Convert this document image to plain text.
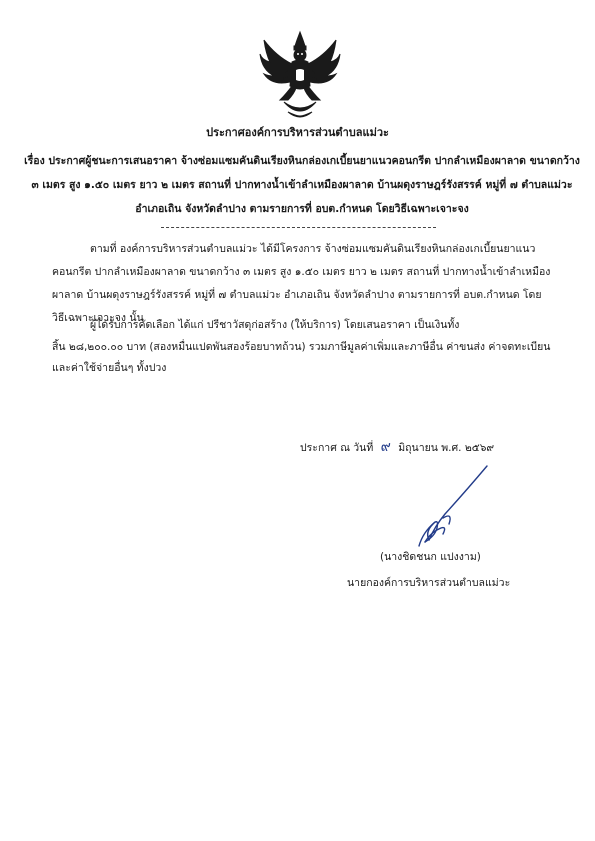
ประกาศองค์การบริหารส่วนตำบลแม่วะ
เรื่อง ประกาศผู้ชนะการเสนอราคา จ้างซ่อมแซมคันดินเรียงหินกล่องเกเบี้ยนยาแนวคอนกรีต ปากลำเหมืองผาลาด ขนาดกว้าง ๓ เมตร สูง ๑.๕๐ เมตร ยาว ๒ เมตร สถานที่ ปากทางน้ำเข้าลำเหมืองผาลาด บ้านผดุงราษฎร์รังสรรค์ หมู่ที่ ๗ ตำบลแม่วะ อำเภอเถิน จังหวัดลำปาง ตามรายการที่ อบต.กำหนด โดยวิธีเฉพาะเจาะจง
ตามที่ องค์การบริหารส่วนตำบลแม่วะ ได้มีโครงการ จ้างซ่อมแซมคันดินเรียงหินกล่องเกเบี้ยนยาแนวคอนกรีต ปากลำเหมืองผาลาด ขนาดกว้าง ๓ เมตร สูง ๑.๕๐ เมตร ยาว ๒ เมตร สถานที่ ปากทางน้ำเข้าลำเหมืองผาลาด บ้านผดุงราษฎร์รังสรรค์ หมู่ที่ ๗ ตำบลแม่วะ อำเภอเถิน จังหวัดลำปาง ตามรายการที่ อบต.กำหนด โดยวิธีเฉพาะเจาะจง นั้น
ผู้ได้รับการคัดเลือก ได้แก่ ปรีชาวัสดุก่อสร้าง (ให้บริการ) โดยเสนอราคา เป็นเงินทั้ง
สิ้น ๒๘,๒๐๐.๐๐ บาท (สองหมื่นแปดพันสองร้อยบาทถ้วน) รวมภาษีมูลค่าเพิ่มและภาษีอื่น ค่าขนส่ง ค่าจดทะเบียนและค่าใช้จ่ายอื่นๆ ทั้งปวง
ประกาศ ณ วันที่ ๙ มิถุนายน พ.ศ. ๒๕๖๙
(นางชิดชนก แปงงาม)
นายกองค์การบริหารส่วนตำบลแม่วะ
